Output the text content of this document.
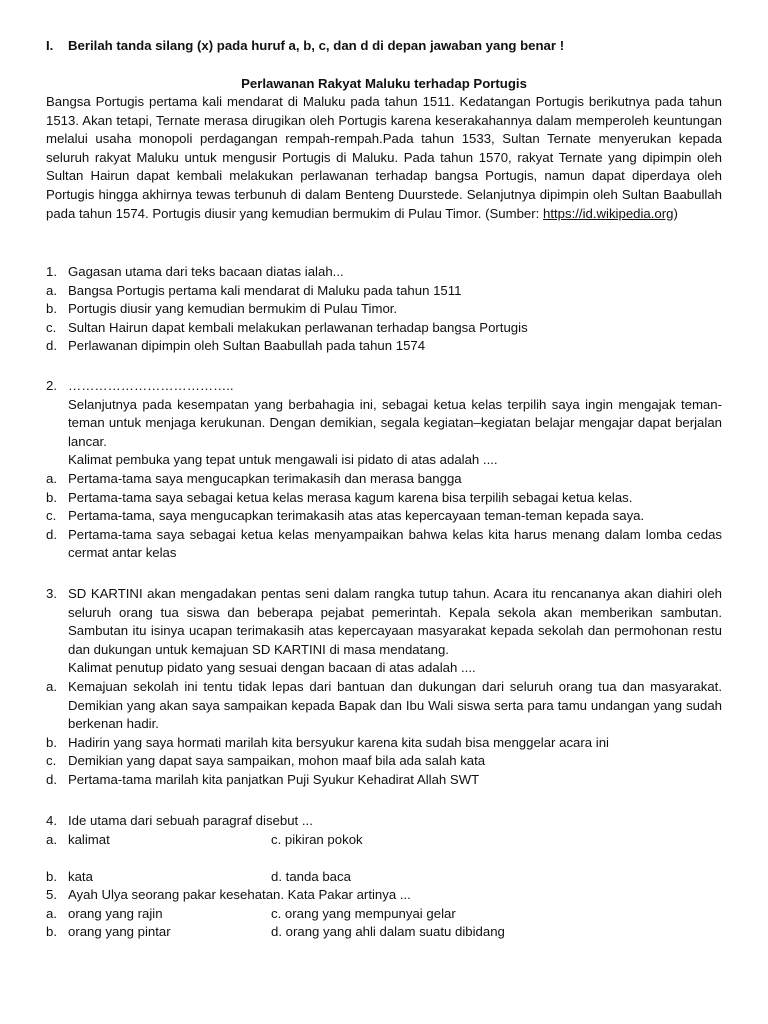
I. Berilah tanda silang (x) pada huruf a, b, c, dan d di depan jawaban yang benar !
Perlawanan Rakyat Maluku terhadap Portugis

Bangsa Portugis pertama kali mendarat di Maluku pada tahun 1511. Kedatangan Portugis berikutnya pada tahun 1513. Akan tetapi, Ternate merasa dirugikan oleh Portugis karena keserakahannya dalam memperoleh keuntungan melalui usaha monopoli perdagangan rempah-rempah.Pada tahun 1533, Sultan Ternate menyerukan kepada seluruh rakyat Maluku untuk mengusir Portugis di Maluku. Pada tahun 1570, rakyat Ternate yang dipimpin oleh Sultan Hairun dapat kembali melakukan perlawanan terhadap bangsa Portugis, namun dapat diperdaya oleh Portugis hingga akhirnya tewas terbunuh di dalam Benteng Duurstede. Selanjutnya dipimpin oleh Sultan Baabullah pada tahun 1574. Portugis diusir yang kemudian bermukim di Pulau Timor. (Sumber: https://id.wikipedia.org)

1. Gagasan utama dari teks bacaan diatas ialah...
a. Bangsa Portugis pertama kali mendarat di Maluku pada tahun 1511
b. Portugis diusir yang kemudian bermukim di Pulau Timor.
c. Sultan Hairun dapat kembali melakukan perlawanan terhadap bangsa Portugis
d. Perlawanan dipimpin oleh Sultan Baabullah pada tahun 1574
2. ………………………………..
Selanjutnya pada kesempatan yang berbahagia ini, sebagai ketua kelas terpilih saya ingin mengajak teman-teman untuk menjaga kerukunan. Dengan demikian, segala kegiatan–kegiatan belajar mengajar dapat berjalan lancar.
Kalimat pembuka yang tepat untuk mengawali isi pidato di atas adalah ....
a. Pertama-tama saya mengucapkan terimakasih dan merasa bangga
b. Pertama-tama saya sebagai ketua kelas merasa kagum karena bisa terpilih sebagai ketua kelas.
c. Pertama-tama, saya mengucapkan terimakasih atas atas kepercayaan teman-teman kepada saya.
d. Pertama-tama saya sebagai ketua kelas menyampaikan bahwa kelas kita harus menang dalam lomba cedas cermat antar kelas
3. SD KARTINI akan mengadakan pentas seni dalam rangka tutup tahun. Acara itu rencananya akan diahiri oleh seluruh orang tua siswa dan beberapa pejabat pemerintah. Kepala sekola akan memberikan sambutan. Sambutan itu isinya ucapan terimakasih atas kepercayaan masyarakat kepada sekolah dan permohonan restu dan dukungan untuk kemajuan SD KARTINI di masa mendatang.
Kalimat penutup pidato yang sesuai dengan bacaan di atas adalah ....
a. Kemajuan sekolah ini tentu tidak lepas dari bantuan dan dukungan dari seluruh orang tua dan masyarakat. Demikian yang akan saya sampaikan kepada Bapak dan Ibu Wali siswa serta para tamu undangan yang sudah berkenan hadir.
b. Hadirin yang saya hormati marilah kita bersyukur karena kita sudah bisa menggelar acara ini
c. Demikian yang dapat saya sampaikan, mohon maaf bila ada salah kata
d. Pertama-tama marilah kita panjatkan Puji Syukur Kehadirat Allah SWT
4. Ide utama dari sebuah paragraf disebut ...
a. kalimat	c. pikiran pokok
b. kata	d. tanda baca
5. Ayah Ulya seorang pakar kesehatan. Kata Pakar artinya ...
a. orang yang rajin	c. orang yang mempunyai gelar
b. orang yang pintar	d. orang yang ahli dalam suatu dibidang
